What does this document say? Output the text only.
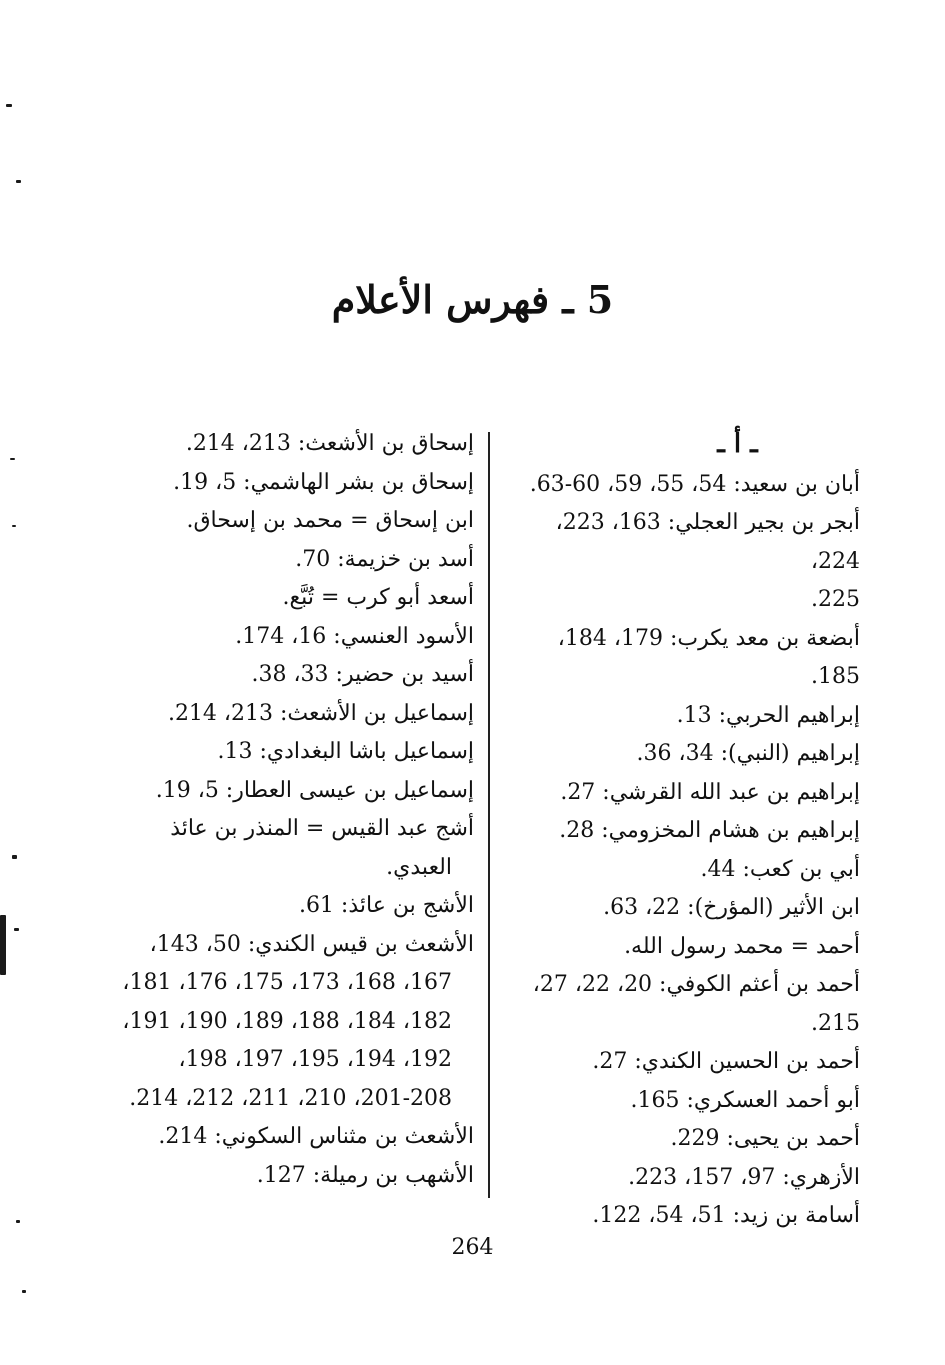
5 ـ فهرس الأعلام
ـ أ ـ

أبان بن سعيد: 54، 55، 59، 60-63.

أبجر بن بجير العجلي: 163، 223، 224،

225.

أبضعة بن معد يكرب: 179، 184، 185.

إبراهيم الحربي: 13.

إبراهيم (النبي): 34، 36.

إبراهيم بن عبد الله القرشي: 27.

إبراهيم بن هشام المخزومي: 28.

أبي بن كعب: 44.

ابن الأثير (المؤرخ): 22، 63.

أحمد = محمد رسول الله.

أحمد بن أعثم الكوفي: 20، 22، 27،

215.

أحمد بن الحسين الكندي: 27.

أبو أحمد العسكري: 165.

أحمد بن يحيى: 229.

الأزهري: 97، 157، 223.

أسامة بن زيد: 51، 54، 122.

إسحاق بن الأشعث: 213، 214.

إسحاق بن بشر الهاشمي: 5، 19.

ابن إسحاق = محمد بن إسحاق.

أسد بن خزيمة: 70.

أسعد أبو كرب = تُبَّع.

الأسود العنسي: 16، 174.

أسيد بن حضير: 33، 38.

إسماعيل بن الأشعث: 213، 214.

إسماعيل باشا البغدادي: 13.

إسماعيل بن عيسى العطار: 5، 19.

أشج عبد القيس = المنذر بن عائذ

العبدي.

الأشج بن عائذ: 61.

الأشعث بن قيس الكندي: 50، 143،

167، 168، 173، 175، 176، 181،

182، 184، 188، 189، 190، 191،

192، 194، 195، 197، 198،

201-208، 210، 211، 212، 214.

الأشعث بن مثناس السكوني: 214.

الأشهب بن رميلة: 127.

264
